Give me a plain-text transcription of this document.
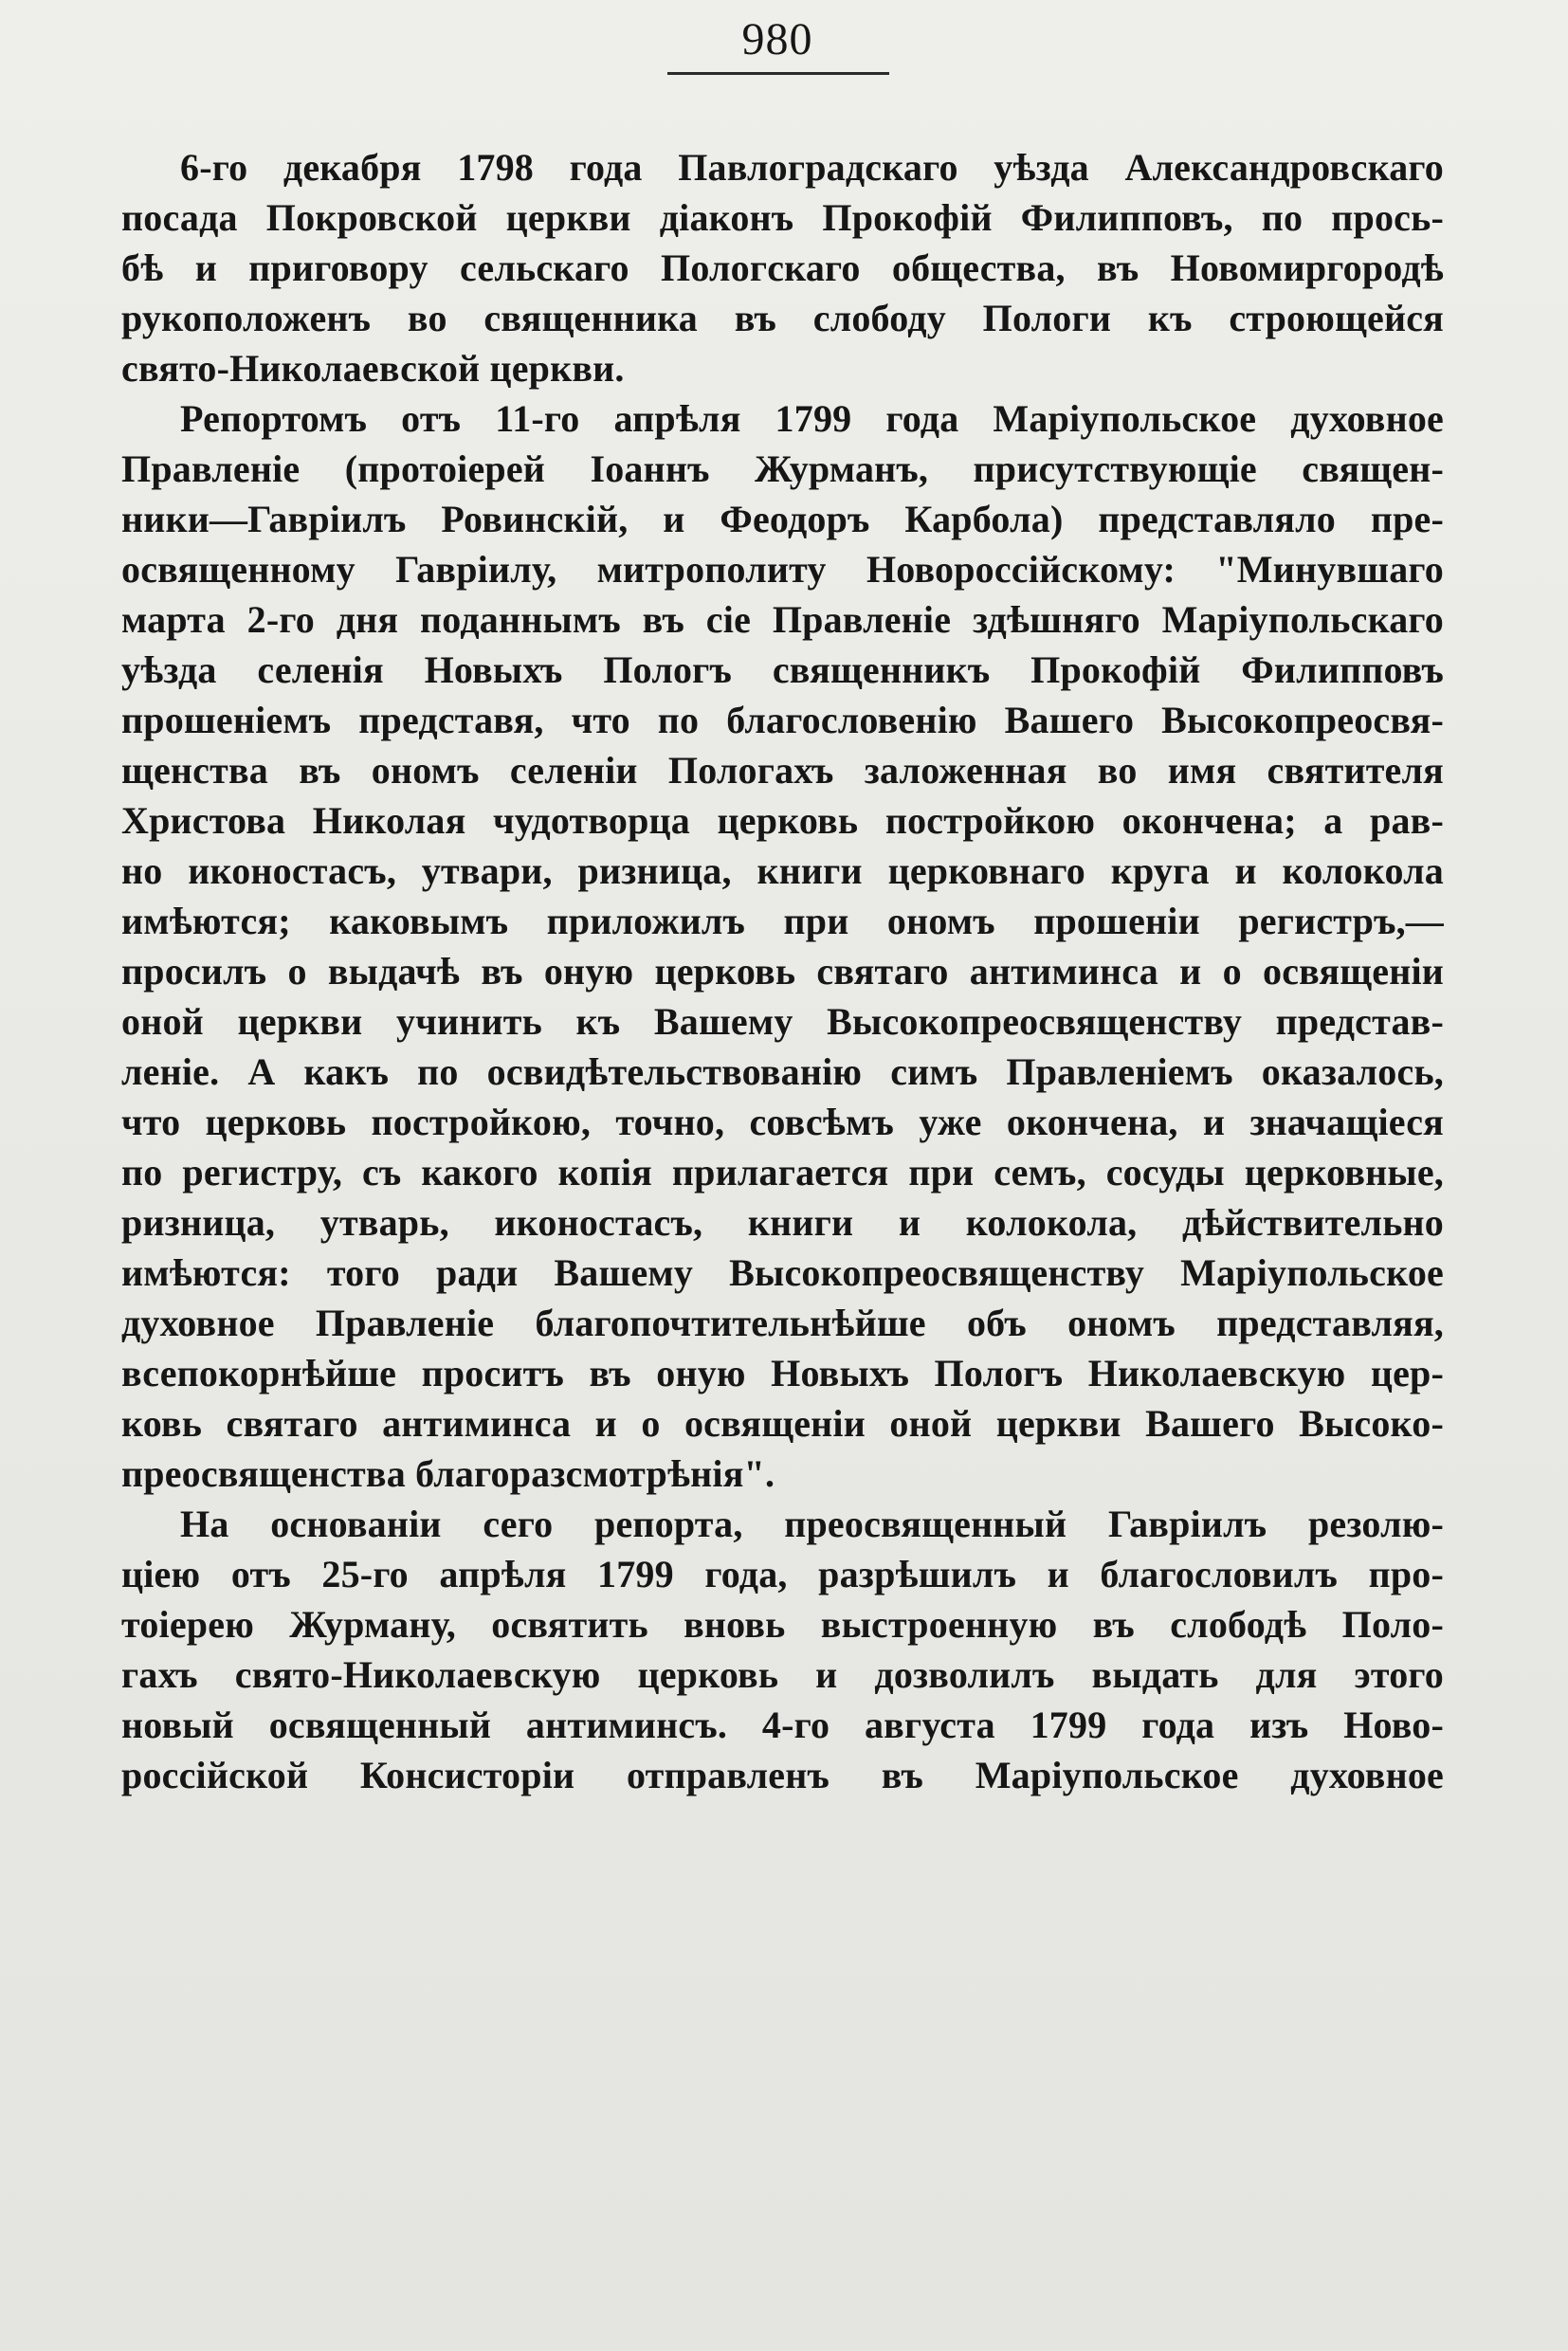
980
6-го декабря 1798 года Павлоградскаго уѣзда Александровскаго
посада Покровской церкви дiаконъ Прокофiй Филипповъ, по прось-
бѣ и приговору сельскаго Пологскаго общества, въ Новомиргородѣ
рукоположенъ во священника въ слободу Пологи къ строющейся
свято-Николаевской церкви.
Репортомъ отъ 11-го апрѣля 1799 года Марiупольское духовное
Правленiе (протоiерей Iоаннъ Журманъ, присутствующiе священ-
ники—Гаврiилъ Ровинскiй, и Феодоръ Карбола) представляло пре-
освященному Гаврiилу, митрополиту Новороссiйскому: "Минувшаго
марта 2-го дня поданнымъ въ сiе Правленiе здѣшняго Марiупольскаго
уѣзда селенiя Новыхъ Пологъ священникъ Прокофiй Филипповъ
прошенiемъ представя, что по благословенiю Вашего Высокопреосвя-
щенства въ ономъ селенiи Пологахъ заложенная во имя святителя
Христова Николая чудотворца церковь постройкою окончена; а рав-
но иконостасъ, утвари, ризница, книги церковнаго круга и колокола
имѣются; каковымъ приложилъ при ономъ прошенiи регистръ,—
просилъ о выдачѣ въ оную церковь святаго антиминса и о освященiи
оной церкви учинить къ Вашему Высокопреосвященству представ-
ленiе. А какъ по освидѣтельствованiю симъ Правленiемъ оказалось,
что церковь постройкою, точно, совсѣмъ уже окончена, и значащiеся
по регистру, съ какого копiя прилагается при семъ, сосуды церковные,
ризница, утварь, иконостасъ, книги и колокола, дѣйствительно
имѣются: того ради Вашему Высокопреосвященству Марiупольское
духовное Правленiе благопочтительнѣйше объ ономъ представляя,
всепокорнѣйше проситъ въ оную Новыхъ Пологъ Николаевскую цер-
ковь святаго антиминса и о освященiи оной церкви Вашего Высоко-
преосвященства благоразсмотрѣнiя".
На основанiи сего репорта, преосвященный Гаврiилъ резолю-
цiею отъ 25-го апрѣля 1799 года, разрѣшилъ и благословилъ про-
тоiерею Журману, освятить вновь выстроенную въ слободѣ Поло-
гахъ свято-Николаевскую церковь и дозволилъ выдать для этого
новый освященный антиминсъ. 4-го августа 1799 года изъ Ново-
россiйской Консисторiи отправленъ въ Марiупольское духовное
